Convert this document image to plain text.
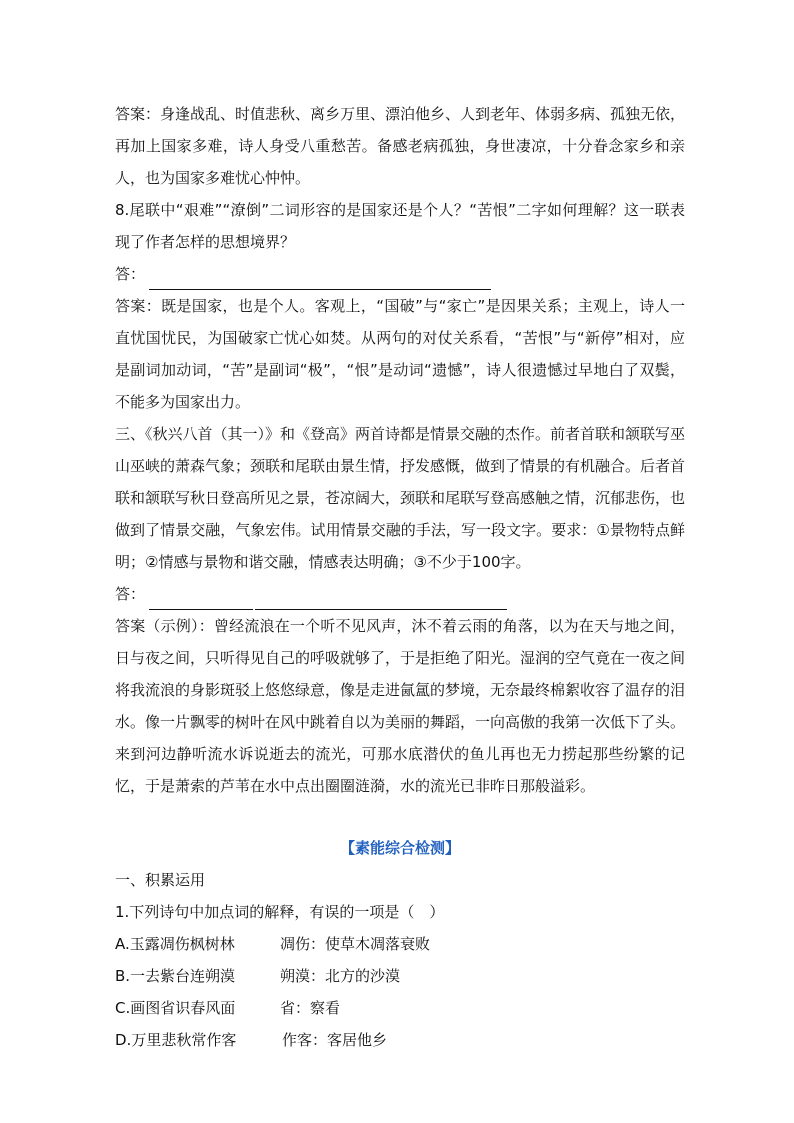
答案：身逢战乱、时值悲秋、离乡万里、漂泊他乡、人到老年、体弱多病、孤独无依，再加上国家多难，诗人身受八重愁苦。备感老病孤独，身世凄凉，十分眷念家乡和亲人，也为国家多难忧心忡忡。

8.尾联中“艰难”“潦倒”二词形容的是国家还是个人？“苦恨”二字如何理解？这一联表现了作者怎样的思想境界？

答：

答案：既是国家，也是个人。客观上，“国破”与“家亡”是因果关系；主观上，诗人一直忧国忧民，为国破家亡忧心如焚。从两句的对仗关系看，“苦恨”与“新停”相对，应是副词加动词，“苦”是副词“极”，“恨”是动词“遗憾”，诗人很遗憾过早地白了双鬓，不能多为国家出力。

三、《秋兴八首（其一）》和《登高》两首诗都是情景交融的杰作。前者首联和颔联写巫山巫峡的萧森气象；颈联和尾联由景生情，抒发感慨，做到了情景的有机融合。后者首联和颔联写秋日登高所见之景，苍凉阔大，颈联和尾联写登高感触之情，沉郁悲伤，也做到了情景交融，气象宏伟。试用情景交融的手法，写一段文字。要求：①景物特点鲜明；②情感与景物和谐交融，情感表达明确；③不少于100字。

答：

答案（示例）：曾经流浪在一个听不见风声，沐不着云雨的角落，以为在天与地之间，日与夜之间，只听得见自己的呼吸就够了，于是拒绝了阳光。湿润的空气竟在一夜之间将我流浪的身影斑驳上悠悠绿意，像是走进氤氲的梦境，无奈最终棉絮收容了温存的泪水。像一片飘零的树叶在风中跳着自以为美丽的舞蹈，一向高傲的我第一次低下了头。来到河边静听流水诉说逝去的流光，可那水底潜伏的鱼儿再也无力捞起那些纷繁的记忆，于是萧索的芦苇在水中点出圈圈涟漪，水的流光已非昨日那般溢彩。

【素能综合检测】

一、积累运用

1.下列诗句中加点词的解释，有误的一项是（　）

A.玉露凋伤枫树林	凋伤：使草木凋落衰败
B.一去紫台连朔漠	朔漠：北方的沙漠
C.画图省识春风面	省：察看
D.万里悲秋常作客	作客：客居他乡
